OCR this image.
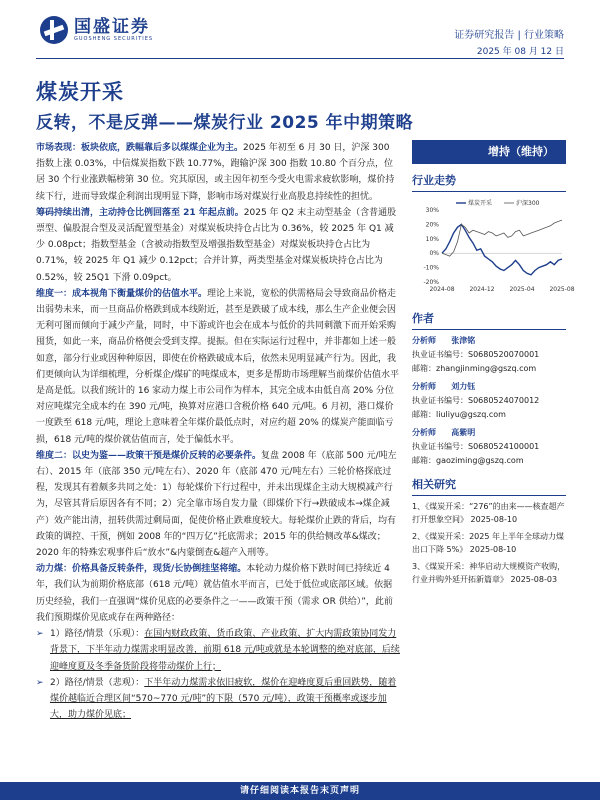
国盛证券
GUOSHENG SECURITIES	证券研究报告 | 行业策略
2025 年 08 月 12 日
煤炭开采
反转，不是反弹——煤炭行业 2025 年中期策略

市场表现：板块依底，跌幅靠后多以煤煤企业为主。2025 年初至 6 月 30 日，沪深 300 指数上涨 0.03%，中信煤炭指数下跌 10.77%，跑输沪深 300 指数 10.80 个百分点，位居 30 个行业涨跌幅榜第 30 位。究其原因，或主因年初至今受火电需求疲软影响，煤价持续下行，进而导致煤企利润出现明显下降，影响市场对煤炭行业高股息持续性的担忧。

筹码持续出清，主动持仓比例回落至 21 年起点前。2025 年 Q2 末主动型基金（含普通股票型、偏股混合型及灵活配置型基金）对煤炭板块持仓占比为 0.36%，较 2025 年 Q1 减少 0.08pct；指数型基金（含被动指数型及增强指数型基金）对煤炭板块持仓占比为 0.71%，较 2025 年 Q1 减少 0.12pct；合并计算，两类型基金对煤炭板块持仓占比为 0.52%，较 25Q1 下滑 0.09pct。

维度一：成本视角下衡量煤价的估值水平。理论上来说，宽松的供需格局会导致商品价格走出弱势未来，而一旦商品价格跌到成本线附近，甚至是跌破了成本线，那么生产企业便会因无利可图而倾向于减少产量，同时，中下游或许也会在成本与低价的共同刺激下而开始采购囤货，如此一来，商品价格便会受到支撑。提振。但在实际运行过程中，并非都如上述一般如意，部分行业或因种种原因，即使在价格跌破成本后，依然未见明显减产行为。因此，我们更倾向认为详细梳理，分析煤企/煤矿的吨煤成本，更多是帮助市场理解当前煤价估值水平是高是低。以我们统计的 16 家动力煤上市公司作为样本，其完全成本由低自高 20% 分位对应吨煤完全成本约在 390 元/吨，换算对应港口含税价格 640 元/吨。6 月初，港口煤价一度跌至 618 元/吨，理论上意味着全年煤价最低点时，对应约超 20% 的煤炭产能面临亏损，618 元/吨的煤价就估值而言，处于偏低水平。

维度二：以史为鉴——政策干预是煤价反转的必要条件。复盘 2008 年（底部 500 元/吨左右）、2015 年（底部 350 元/吨左右）、2020 年（底部 470 元/吨左右）三轮价格探底过程，发现其有着颇多共同之处：1）每轮煤价下行过程中，并未出现煤企主动大规模减产行为，尽管其背后原因各有不同；2）完全靠市场自发力量（即煤价下行→跌破成本→煤企减产）效产能出清，扭转供需过剩局面，促使价格止跌难度较大。每轮煤价止跌的背后，均有政策的调控、干预，例如 2008 年的“四万亿”托底需求；2015 年的供给侧改革&煤改；2020 年的特殊宏观事件后“放水”&内蒙倒查&超产入刑等。

动力煤：价格具备反转条件，现货/长协倒挂坚将缩。本轮动力煤价格下跌时间已持续近 4 年，我们认为前期价格底部（618 元/吨）就估值水平而言，已处于低位或底部区域。依据历史经验，我们一直强调“煤价见底的必要条件之一——政策干预（需求 OR 供给）”，此前我们预期煤价见底或存在两种路径：

➢ 1）路径/情景（乐观）：在国内财政政策、货币政策、产业政策、扩大内需政策协同发力背景下，下半年动力煤需求明显改善，前期 618 元/吨或就是本轮调整的绝对底部，后续迎峰度夏及冬季备货阶段将带动煤价上行；
➢ 2）路径/情景（悲观）：下半年动力煤需求依旧疲软，煤价在迎峰度夏后重回跌势，随着煤价越临近合理区间“570~770 元/吨”的下限（570 元/吨），政策干预概率或逐步加大，助力煤价见底；
增持（维持）
行业走势
-20%
-10%
0%
10%
20%
30%
2024-08 2024-12 2025-04 2025-08
煤炭开采	沪深300
作者
分析师 张津铭
执业证书编号：S0680520070001
邮箱：zhangjinming@gszq.com
分析师 刘力钰
执业证书编号：S0680524070012
邮箱：liuliyu@gszq.com
分析师 高紫明
执业证书编号：S0680524100001
邮箱：gaoziming@gszq.com
相关研究
1、《煤炭开采：“276”的由来——核查超产打开想象空间》 2025-08-10
2、《煤炭开采：2025 年上半年全球动力煤出口下降 5%》 2025-08-10
3、《煤炭开采：神华启动大规模资产收购，行业并购外延开拓新篇章》 2025-08-03
请仔细阅读本报告末页声明
